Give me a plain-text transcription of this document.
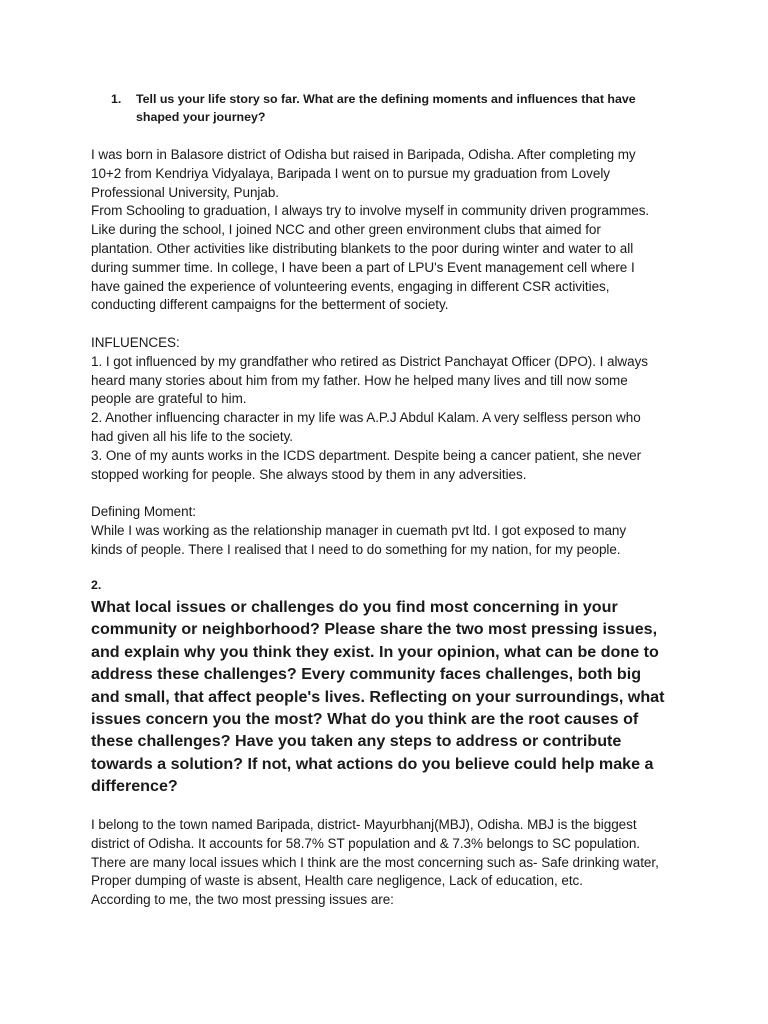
1. Tell us your life story so far. What are the defining moments and influences that have shaped your journey?

I was born in Balasore district of Odisha but raised in Baripada, Odisha. After completing my

10+2 from Kendriya Vidyalaya, Baripada I went on to pursue my graduation from Lovely

Professional University, Punjab.

From Schooling to graduation, I always try to involve myself in community driven programmes.

Like during the school, I joined NCC and other green environment clubs that aimed for

plantation. Other activities like distributing blankets to the poor during winter and water to all

during summer time. In college, I have been a part of LPU's Event management cell where I

have gained the experience of volunteering events, engaging in different CSR activities,

conducting different campaigns for the betterment of society.

INFLUENCES:

1. I got influenced by my grandfather who retired as District Panchayat Officer (DPO). I always

heard many stories about him from my father. How he helped many lives and till now some

people are grateful to him.

2. Another influencing character in my life was A.P.J Abdul Kalam. A very selfless person who

had given all his life to the society.

3. One of my aunts works in the ICDS department. Despite being a cancer patient, she never

stopped working for people. She always stood by them in any adversities.

Defining Moment:

While I was working as the relationship manager in cuemath pvt ltd. I got exposed to many

kinds of people. There I realised that I need to do something for my nation, for my people.

2.
What local issues or challenges do you find most concerning in your
community or neighborhood? Please share the two most pressing issues,
and explain why you think they exist. In your opinion, what can be done to
address these challenges? Every community faces challenges, both big
and small, that affect people's lives. Reflecting on your surroundings, what
issues concern you the most? What do you think are the root causes of
these challenges? Have you taken any steps to address or contribute
towards a solution? If not, what actions do you believe could help make a
difference?

I belong to the town named Baripada, district- Mayurbhanj(MBJ), Odisha. MBJ is the biggest

district of Odisha. It accounts for 58.7% ST population and & 7.3% belongs to SC population.

There are many local issues which I think are the most concerning such as- Safe drinking water,

Proper dumping of waste is absent, Health care negligence, Lack of education, etc.

According to me, the two most pressing issues are:
